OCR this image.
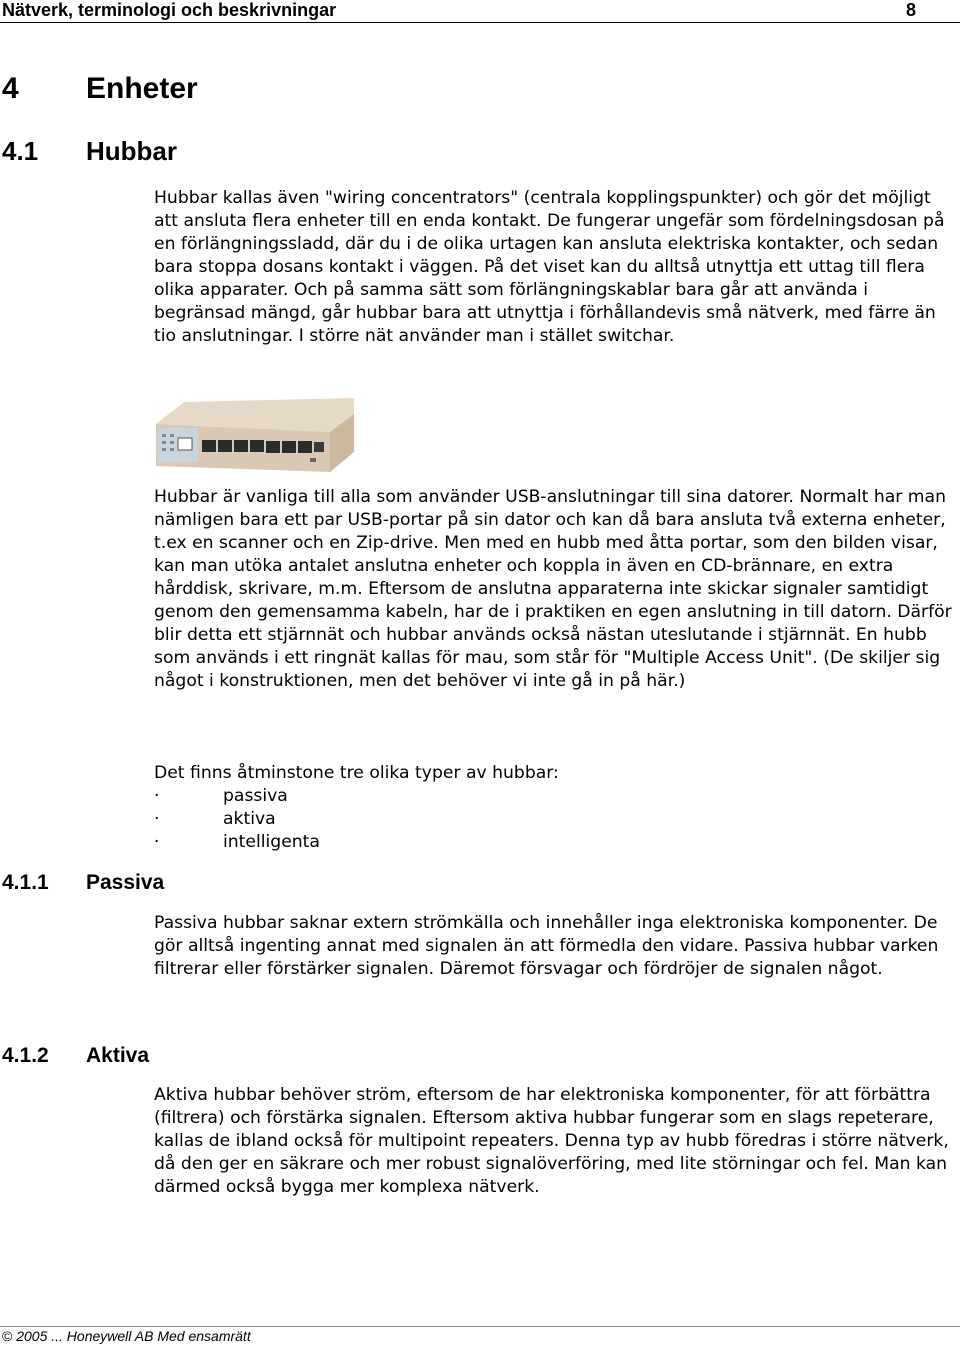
Nätverk, terminologi och beskrivningar	8
4 Enheter
4.1 Hubbar

Hubbar kallas även "wiring concentrators" (centrala kopplingspunkter) och gör det möjligt att ansluta flera enheter till en enda kontakt. De fungerar ungefär som fördelningsdosan på en förlängningssladd, där du i de olika urtagen kan ansluta elektriska kontakter, och sedan bara stoppa dosans kontakt i väggen. På det viset kan du alltså utnyttja ett uttag till flera olika apparater. Och på samma sätt som förlängningskablar bara går att använda i begränsad mängd, går hubbar bara att utnyttja i förhållandevis små nätverk, med färre än tio anslutningar. I större nät använder man i stället switchar.

Hubbar är vanliga till alla som använder USB-anslutningar till sina datorer. Normalt har man nämligen bara ett par USB-portar på sin dator och kan då bara ansluta två externa enheter, t.ex en scanner och en Zip-drive. Men med en hubb med åtta portar, som den bilden visar, kan man utöka antalet anslutna enheter och koppla in även en CD-brännare, en extra hårddisk, skrivare, m.m. Eftersom de anslutna apparaterna inte skickar signaler samtidigt genom den gemensamma kabeln, har de i praktiken en egen anslutning in till datorn. Därför blir detta ett stjärnnät och hubbar används också nästan uteslutande i stjärnnät. En hubb som används i ett ringnät kallas för mau, som står för "Multiple Access Unit". (De skiljer sig något i konstruktionen, men det behöver vi inte gå in på här.)

Det finns åtminstone tre olika typer av hubbar:

·	passiva
·	aktiva
·	intelligenta
4.1.1 Passiva

Passiva hubbar saknar extern strömkälla och innehåller inga elektroniska komponenter. De gör alltså ingenting annat med signalen än att förmedla den vidare. Passiva hubbar varken filtrerar eller förstärker signalen. Däremot försvagar och fördröjer de signalen något.

4.1.2 Aktiva

Aktiva hubbar behöver ström, eftersom de har elektroniska komponenter, för att förbättra (filtrera) och förstärka signalen. Eftersom aktiva hubbar fungerar som en slags repeterare, kallas de ibland också för multipoint repeaters. Denna typ av hubb föredras i större nätverk, då den ger en säkrare och mer robust signalöverföring, med lite störningar och fel. Man kan därmed också bygga mer komplexa nätverk.

© 2005 ... Honeywell AB Med ensamrätt
